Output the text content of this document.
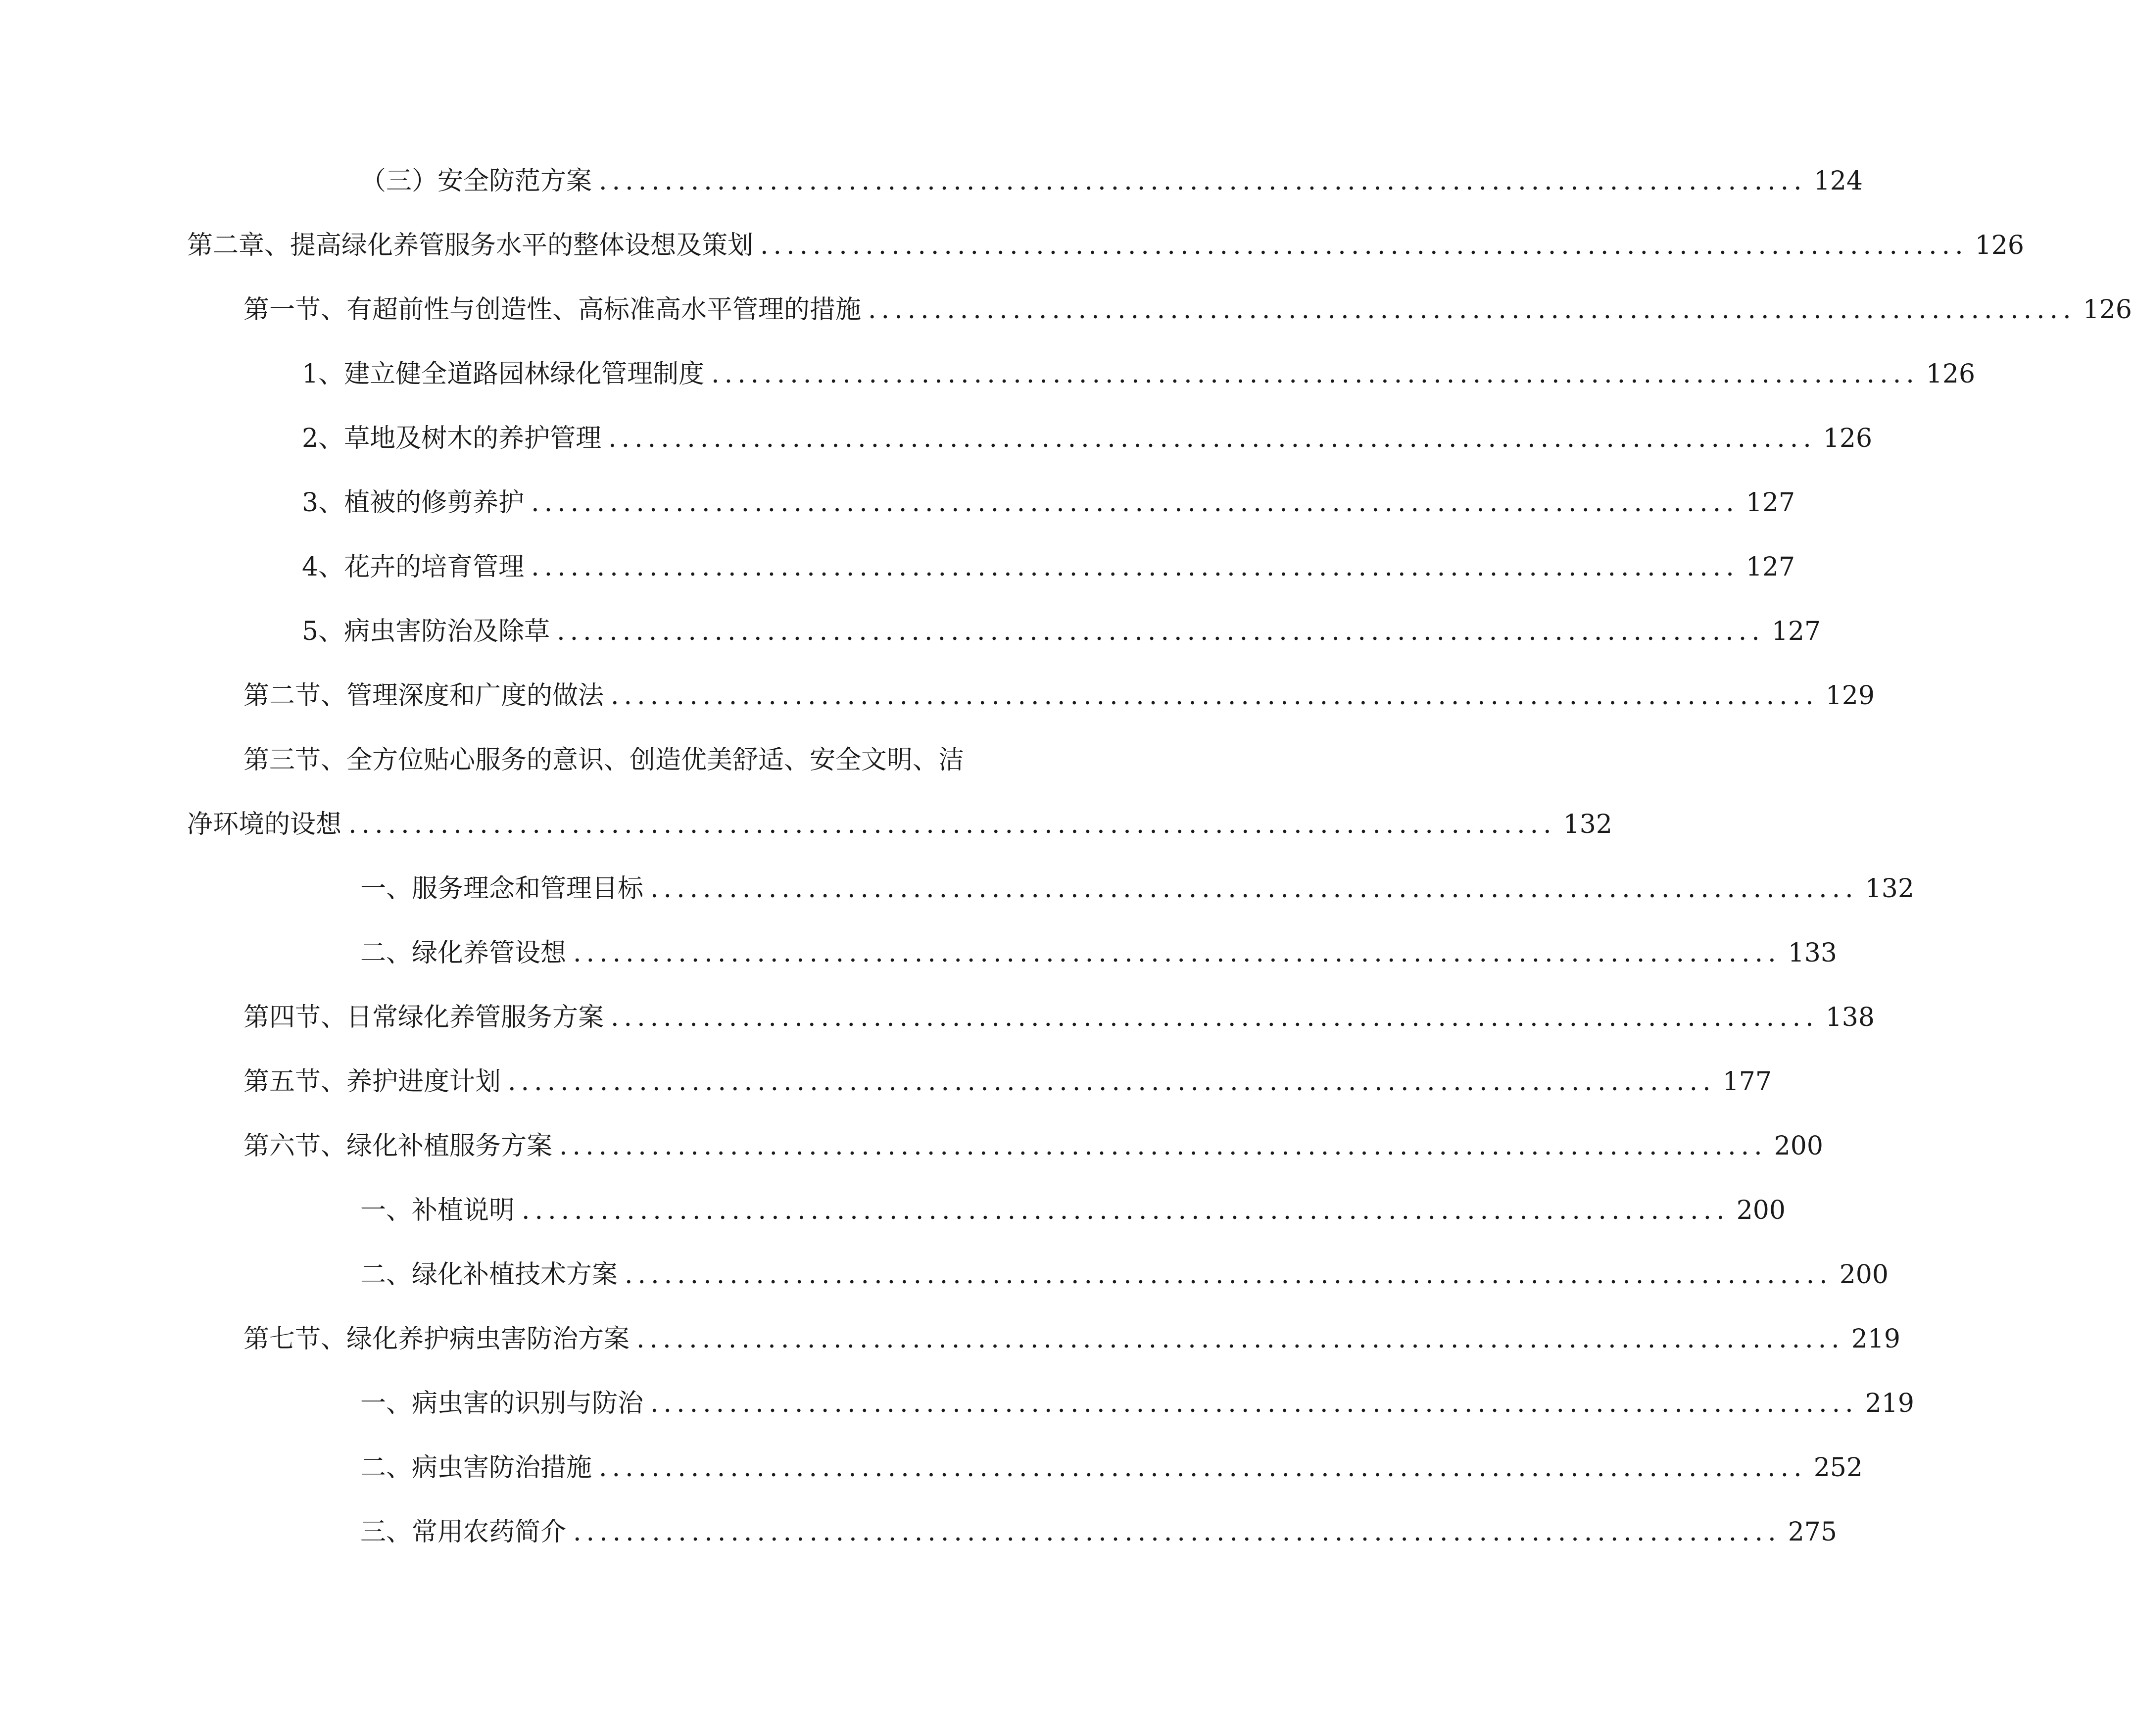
（三）安全防范方案 ............................................................................................ 124
第二章、提高绿化养管服务水平的整体设想及策划 ............................................................................................ 126
第一节、有超前性与创造性、高标准高水平管理的措施 ............................................................................................ 126
1、建立健全道路园林绿化管理制度 ............................................................................................ 126
2、草地及树木的养护管理 ............................................................................................ 126
3、植被的修剪养护 ............................................................................................ 127
4、花卉的培育管理 ............................................................................................ 127
5、病虫害防治及除草 ............................................................................................ 127
第二节、管理深度和广度的做法 ............................................................................................ 129
第三节、全方位贴心服务的意识、创造优美舒适、安全文明、洁
净环境的设想 ............................................................................................ 132
一、服务理念和管理目标 ............................................................................................ 132
二、绿化养管设想 ............................................................................................ 133
第四节、日常绿化养管服务方案 ............................................................................................ 138
第五节、养护进度计划 ............................................................................................ 177
第六节、绿化补植服务方案 ............................................................................................ 200
一、补植说明 ............................................................................................ 200
二、绿化补植技术方案 ............................................................................................ 200
第七节、绿化养护病虫害防治方案 ............................................................................................ 219
一、病虫害的识别与防治 ............................................................................................ 219
二、病虫害防治措施 ............................................................................................ 252
三、常用农药简介 ............................................................................................ 275
